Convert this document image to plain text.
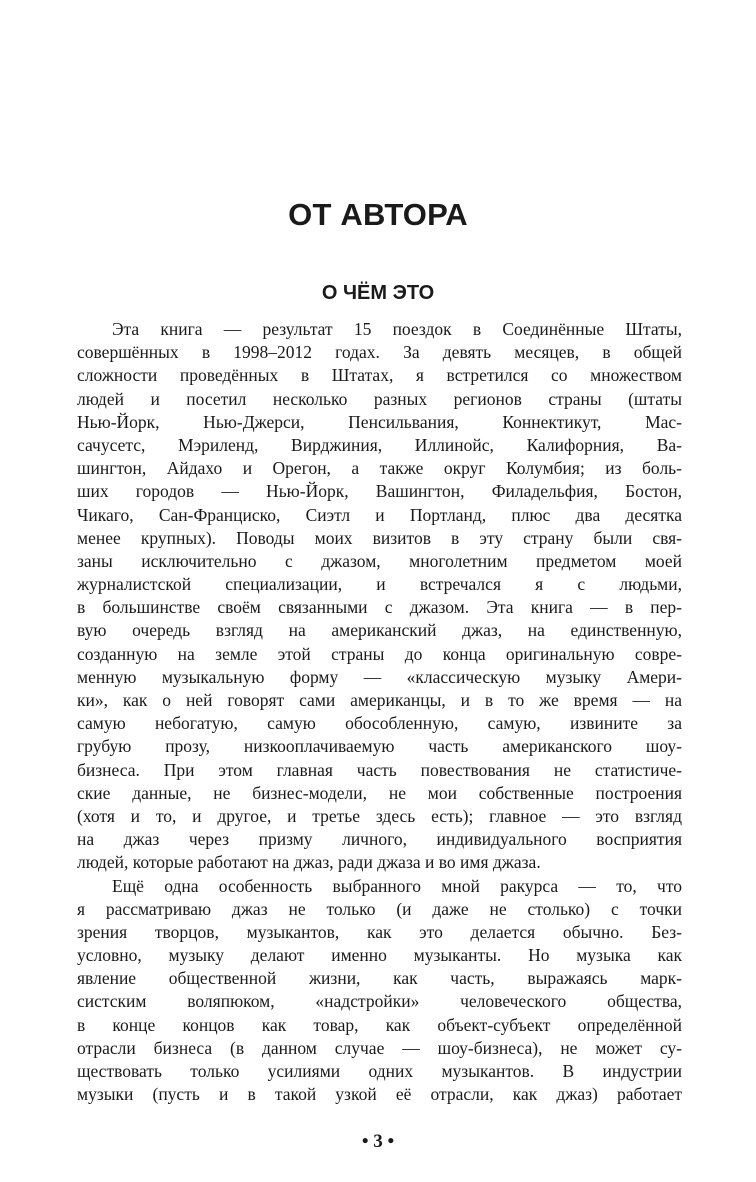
ОТ АВТОРА
О ЧЁМ ЭТО
Эта книга — результат 15 поездок в Соединённые Штаты,
совершённых в 1998–2012 годах. За девять месяцев, в общей
сложности проведённых в Штатах, я встретился со множеством
людей и посетил несколько разных регионов страны (штаты
Нью-Йорк, Нью-Джерси, Пенсильвания, Коннектикут, Мас-
сачусетс, Мэриленд, Вирджиния, Иллинойс, Калифорния, Ва-
шингтон, Айдахо и Орегон, а также округ Колумбия; из боль-
ших городов — Нью-Йорк, Вашингтон, Филадельфия, Бостон,
Чикаго, Сан-Франциско, Сиэтл и Портланд, плюс два десятка
менее крупных). Поводы моих визитов в эту страну были свя-
заны исключительно с джазом, многолетним предметом моей
журналистской специализации, и встречался я с людьми,
в большинстве своём связанными с джазом. Эта книга — в пер-
вую очередь взгляд на американский джаз, на единственную,
созданную на земле этой страны до конца оригинальную совре-
менную музыкальную форму — «классическую музыку Амери-
ки», как о ней говорят сами американцы, и в то же время — на
самую небогатую, самую обособленную, самую, извините за
грубую прозу, низкооплачиваемую часть американского шоу-
бизнеса. При этом главная часть повествования не статистиче-
ские данные, не бизнес-модели, не мои собственные построения
(хотя и то, и другое, и третье здесь есть); главное — это взгляд
на джаз через призму личного, индивидуального восприятия
людей, которые работают на джаз, ради джаза и во имя джаза.
Ещё одна особенность выбранного мной ракурса — то, что
я рассматриваю джаз не только (и даже не столько) с точки
зрения творцов, музыкантов, как это делается обычно. Без-
условно, музыку делают именно музыканты. Но музыка как
явление общественной жизни, как часть, выражаясь марк-
систским воляпюком, «надстройки» человеческого общества,
в конце концов как товар, как объект-субъект определённой
отрасли бизнеса (в данном случае — шоу-бизнеса), не может су-
ществовать только усилиями одних музыкантов. В индустрии
музыки (пусть и в такой узкой её отрасли, как джаз) работает
• 3 •
